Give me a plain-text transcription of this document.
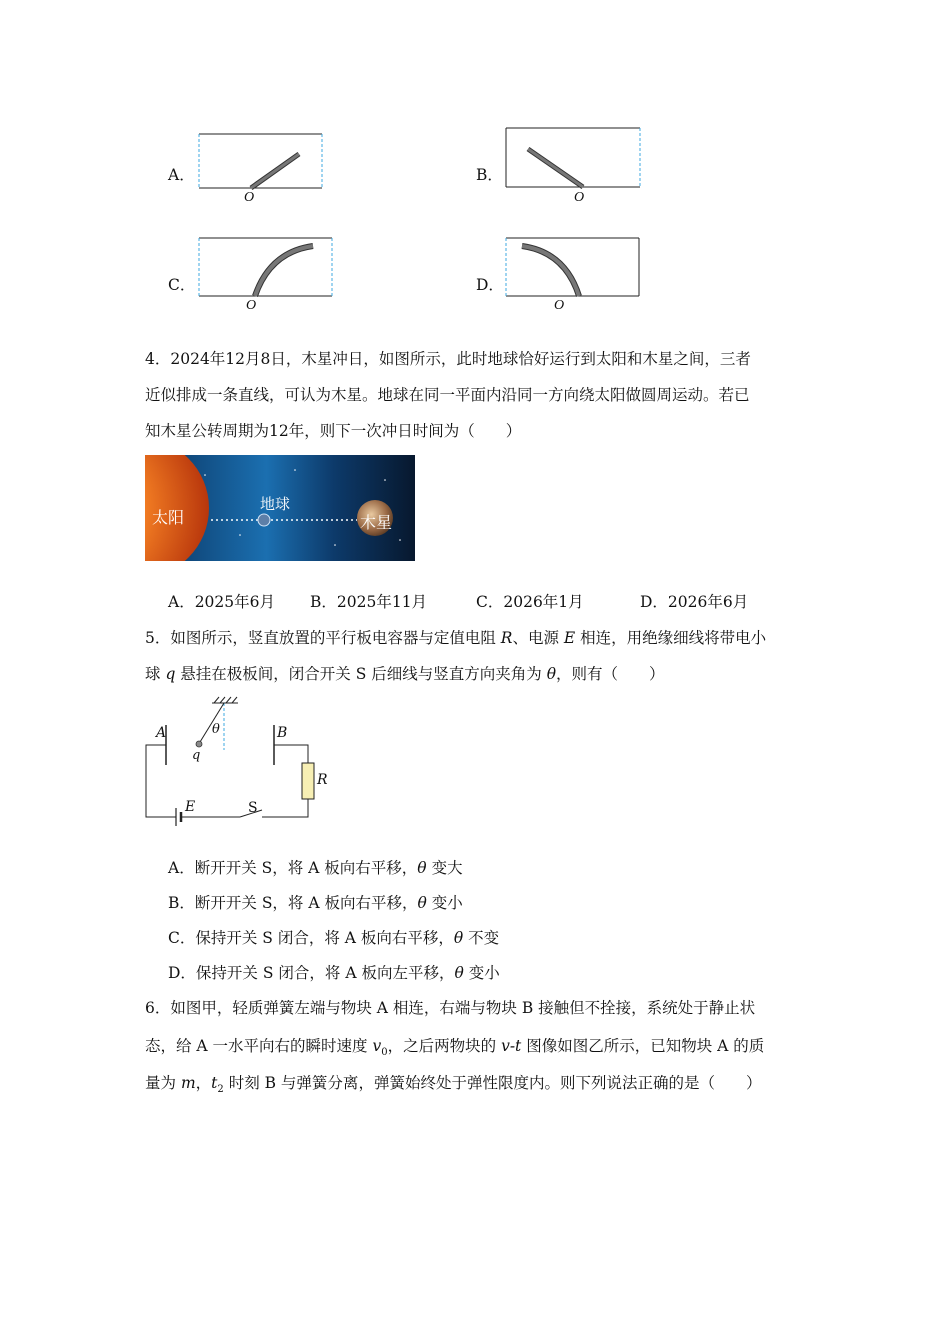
A．
O
B．
O
C．
O
D．
O
4．2024年12月8日，木星冲日，如图所示，此时地球恰好运行到太阳和木星之间，三者
近似排成一条直线，可认为木星。地球在同一平面内沿同一方向绕太阳做圆周运动。若已
知木星公转周期为12年，则下一次冲日时间为（　　）
太阳
地球
木星
A．2025年6月 B．2025年11月	C．2026年1月	D．2026年6月
5．如图所示，竖直放置的平行板电容器与定值电阻 R、电源 E 相连，用绝缘细线将带电小
球 q 悬挂在极板间，闭合开关 S 后细线与竖直方向夹角为 θ，则有（　　）
A	B
θ
q
R
E	S
A．断开开关 S，将 A 板向右平移，θ 变大
B．断开开关 S，将 A 板向右平移，θ 变小
C．保持开关 S 闭合，将 A 板向右平移，θ 不变
D．保持开关 S 闭合，将 A 板向左平移，θ 变小
6．如图甲，轻质弹簧左端与物块 A 相连，右端与物块 B 接触但不拴接，系统处于静止状
态，给 A 一水平向右的瞬时速度 $v_0$，之后两物块的 v-t 图像如图乙所示，已知物块 A 的质
量为 m，$t_2$ 时刻 B 与弹簧分离，弹簧始终处于弹性限度内。则下列说法正确的是（　　）
